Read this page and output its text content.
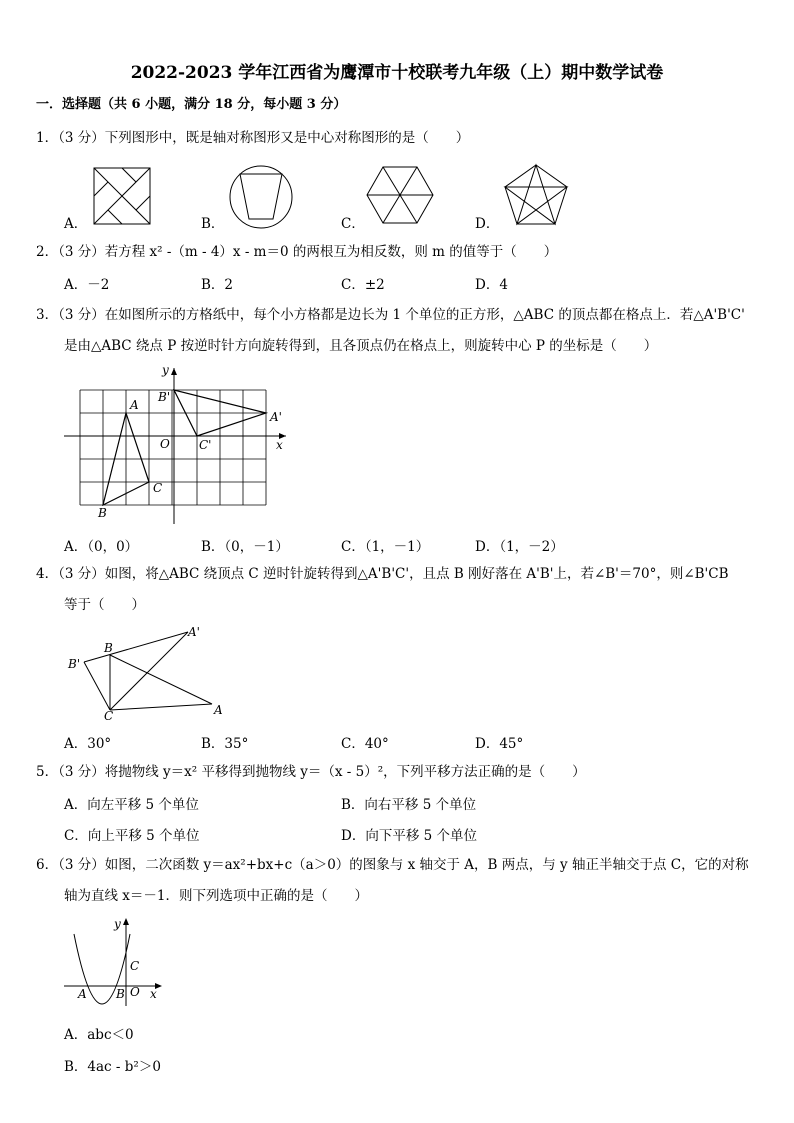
2022-2023 学年江西省为鹰潭市十校联考九年级（上）期中数学试卷
一．选择题（共 6 小题，满分 18 分，每小题 3 分）
1．（3 分）下列图形中，既是轴对称图形又是中心对称图形的是（　　）
A．	B．	C．	D．
2．（3 分）若方程 x² -（m - 4）x - m＝0 的两根互为相反数，则 m 的值等于（　　）
A．－2	B．2	C．±2	D．4
3．（3 分）在如图所示的方格纸中，每个小方格都是边长为 1 个单位的正方形，△ABC 的顶点都在格点上．若△A'B'C'
是由△ABC 绕点 P 按逆时针方向旋转得到，且各顶点仍在格点上，则旋转中心 P 的坐标是（　　）
A
B
C
O
A'
B'
C'	x
y
A．（0，0）	B．（0，－1）	C．（1，－1）	D．（1，－2）
4．（3 分）如图，将△ABC 绕顶点 C 逆时针旋转得到△A'B'C'，且点 B 刚好落在 A'B'上，若∠B'＝70°，则∠B'CB
等于（　　）
B
B'
A'
C	A
A．30°	B．35°	C．40°	D．45°
5．（3 分）将抛物线 y＝x² 平移得到抛物线 y＝（x - 5）²，下列平移方法正确的是（　　）
A．向左平移 5 个单位	B．向右平移 5 个单位
C．向上平移 5 个单位	D．向下平移 5 个单位
6．（3 分）如图，二次函数 y＝ax²+bx+c（a＞0）的图象与 x 轴交于 A，B 两点，与 y 轴正半轴交于点 C，它的对称
轴为直线 x＝－1．则下列选项中正确的是（　　）
A B
C
O x
y
A．abc＜0
B．4ac - b²＞0
